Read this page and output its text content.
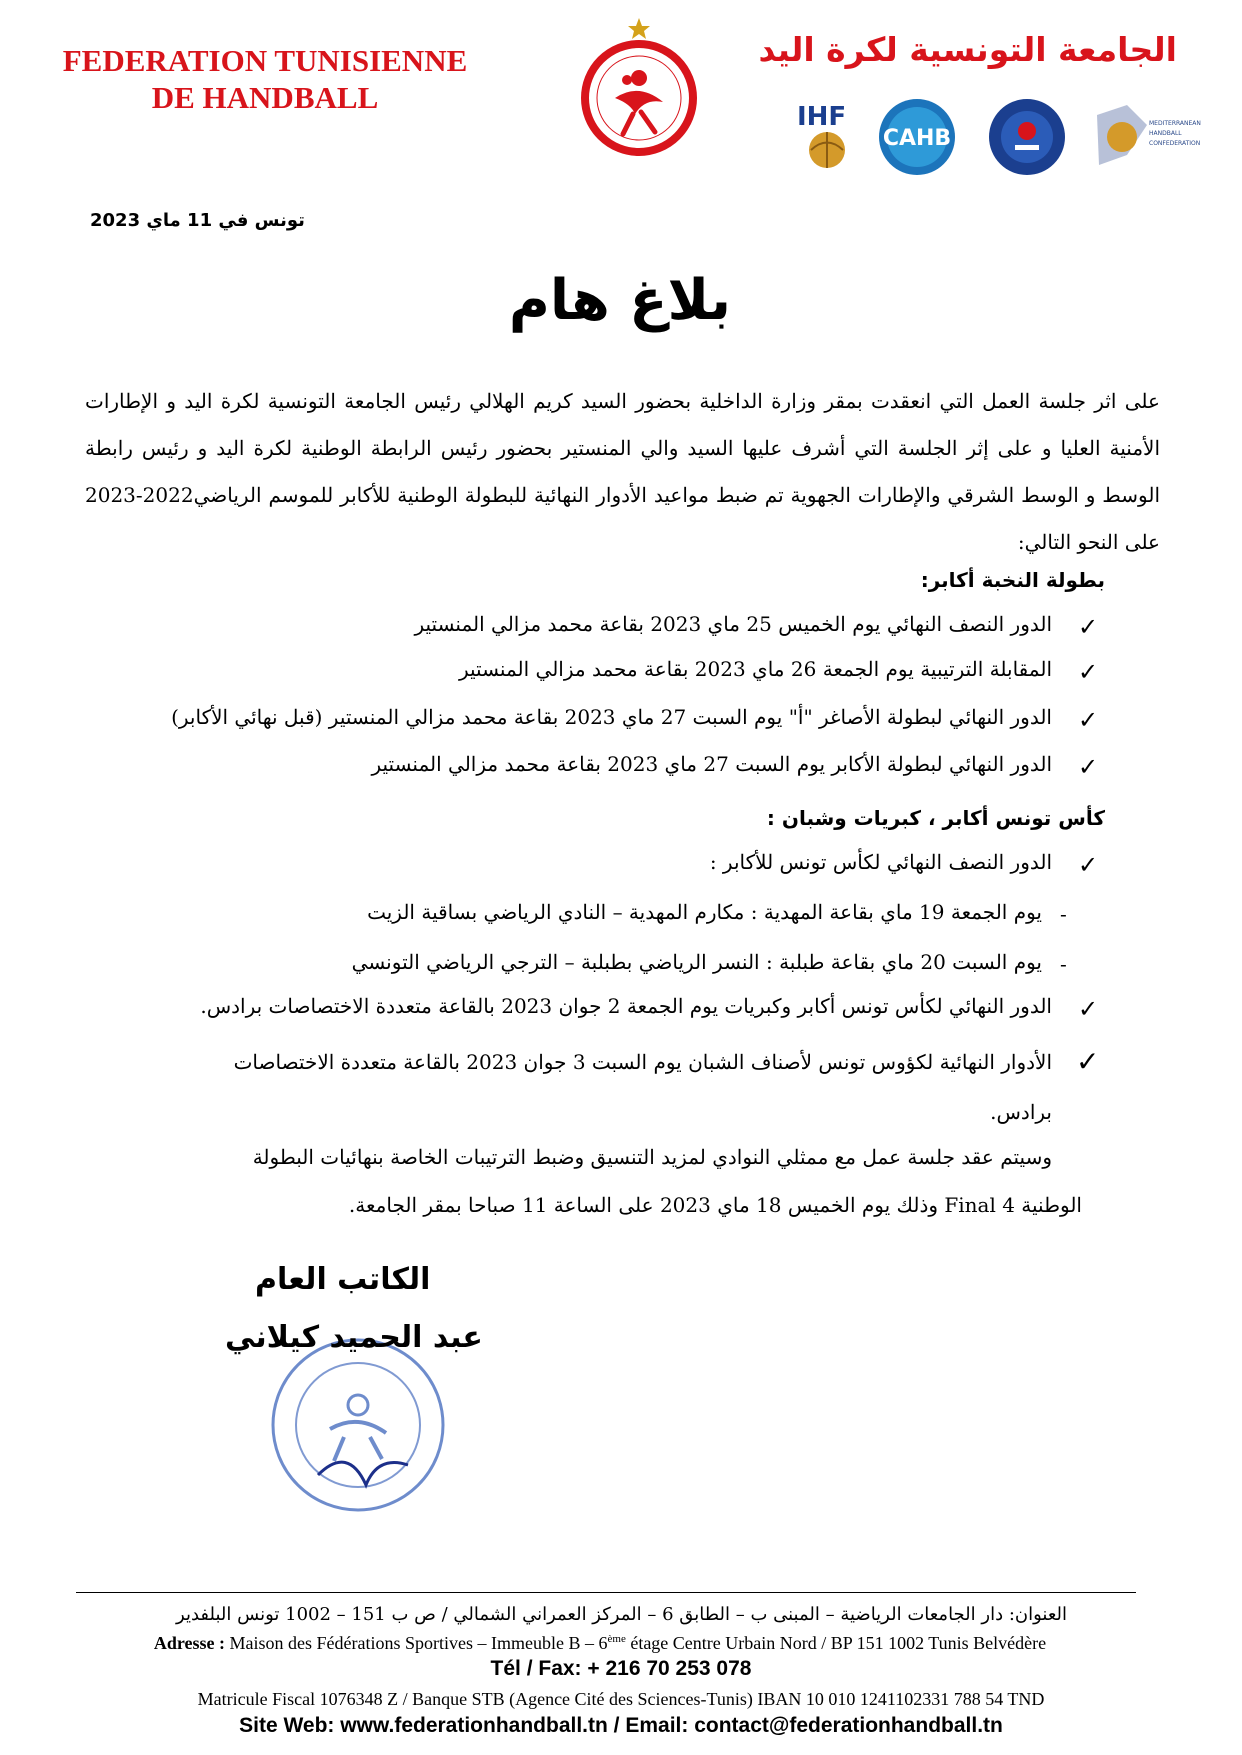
FEDERATION TUNISIENNE
DE HANDBALL
الجامعة التونسية لكرة اليد
IHF
CAHB
MEDITERRANEAN
HANDBALL
CONFEDERATION
تونس في 11 ماي 2023
بلاغ هام
على اثر جلسة العمل التي انعقدت بمقر وزارة الداخلية بحضور السيد كريم الهلالي رئيس الجامعة التونسية لكرة اليد و الإطارات الأمنية العليا و على إثر الجلسة التي أشرف عليها السيد والي المنستير بحضور رئيس الرابطة الوطنية لكرة اليد و رئيس رابطة الوسط و الوسط الشرقي والإطارات الجهوية تم ضبط مواعيد الأدوار النهائية للبطولة الوطنية للأكابر للموسم الرياضي2022-2023 على النحو التالي:
بطولة النخبة أكابر:
✓
الدور النصف النهائي يوم الخميس 25 ماي 2023 بقاعة محمد مزالي المنستير
✓
المقابلة الترتيبية يوم الجمعة 26 ماي 2023 بقاعة محمد مزالي المنستير
✓
الدور النهائي لبطولة الأصاغر "أ" يوم السبت 27 ماي 2023 بقاعة محمد مزالي المنستير (قبل نهائي الأكابر)
✓
الدور النهائي لبطولة الأكابر يوم السبت 27 ماي 2023 بقاعة محمد مزالي المنستير
كأس تونس أكابر ، كبريات وشبان :
✓
الدور النصف النهائي لكأس تونس للأكابر :
-
يوم الجمعة 19 ماي بقاعة المهدية : مكارم المهدية – النادي الرياضي بساقية الزيت
-
يوم السبت 20 ماي بقاعة طبلبة : النسر الرياضي بطبلبة – الترجي الرياضي التونسي
✓
الدور النهائي لكأس تونس أكابر وكبريات يوم الجمعة 2 جوان 2023 بالقاعة متعددة الاختصاصات برادس.
✓
الأدوار النهائية لكؤوس تونس لأصناف الشبان يوم السبت 3 جوان 2023 بالقاعة متعددة الاختصاصات
برادس.
وسيتم عقد جلسة عمل مع ممثلي النوادي لمزيد التنسيق وضبط الترتيبات الخاصة بنهائيات البطولة
الوطنية Final 4 وذلك يوم الخميس 18 ماي 2023 على الساعة 11 صباحا بمقر الجامعة.
الكاتب العام
عبد الحميد كيلاني
العنوان: دار الجامعات الرياضية – المبنى ب – الطابق 6 – المركز العمراني الشمالي / ص ب 151 – 1002 تونس البلفدير
Adresse : Maison des Fédérations Sportives – Immeuble B – 6ème étage Centre Urbain Nord / BP 151 1002 Tunis Belvédère
Tél / Fax: + 216 70 253 078
Matricule Fiscal 1076348 Z / Banque STB (Agence Cité des Sciences-Tunis) IBAN 10 010 1241102331 788 54 TND
Site Web: www.federationhandball.tn / Email: contact@federationhandball.tn
